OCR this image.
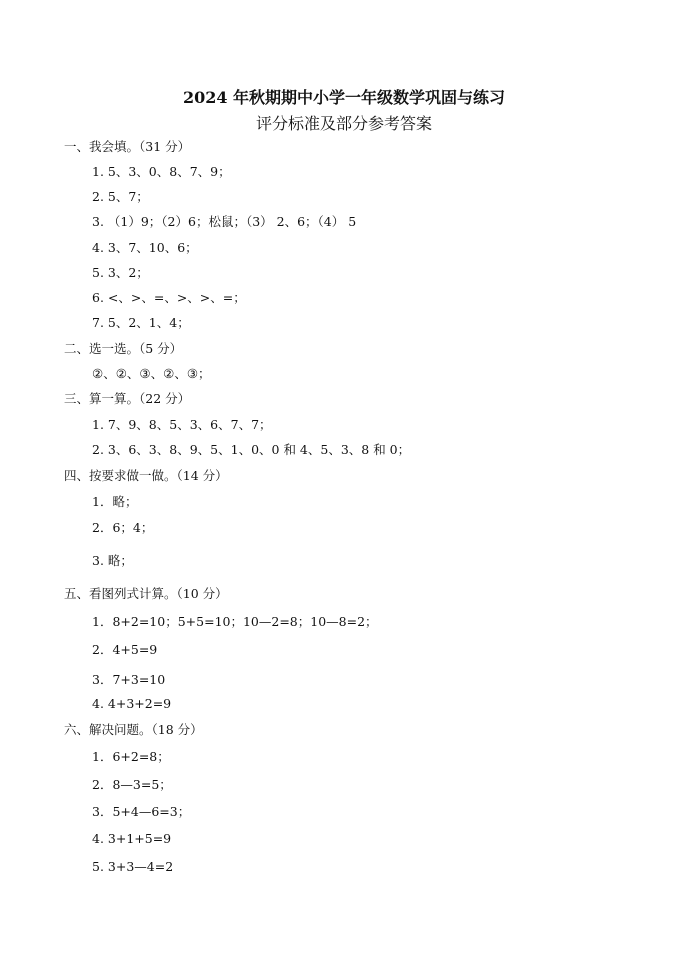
2024 年秋期期中小学一年级数学巩固与练习
评分标准及部分参考答案
一、我会填。（31 分）
1. 5、3、0、8、7、9；
2. 5、7；
3. （1）9；（2）6；松鼠；（3） 2、6；（4） 5
4. 3、7、10、6；
5. 3、2；
6. <、>、=、>、>、=；
7. 5、2、1、4；
二、选一选。（5 分）
②、②、③、②、③；
三、算一算。（22 分）
1. 7、9、8、5、3、6、7、7；
2. 3、6、3、8、9、5、1、0、0 和 4、5、3、8 和 0；
四、按要求做一做。（14 分）
1．略；
2．6；4；
3. 略；
五、看图列式计算。（10 分）
1．8+2=10；5+5=10；10—2=8；10—8=2；
2．4+5=9
3．7+3=10
4. 4+3+2=9
六、解决问题。（18 分）
1．6+2=8；
2．8—3=5；
3．5+4—6=3；
4. 3+1+5=9
5. 3+3—4=2
